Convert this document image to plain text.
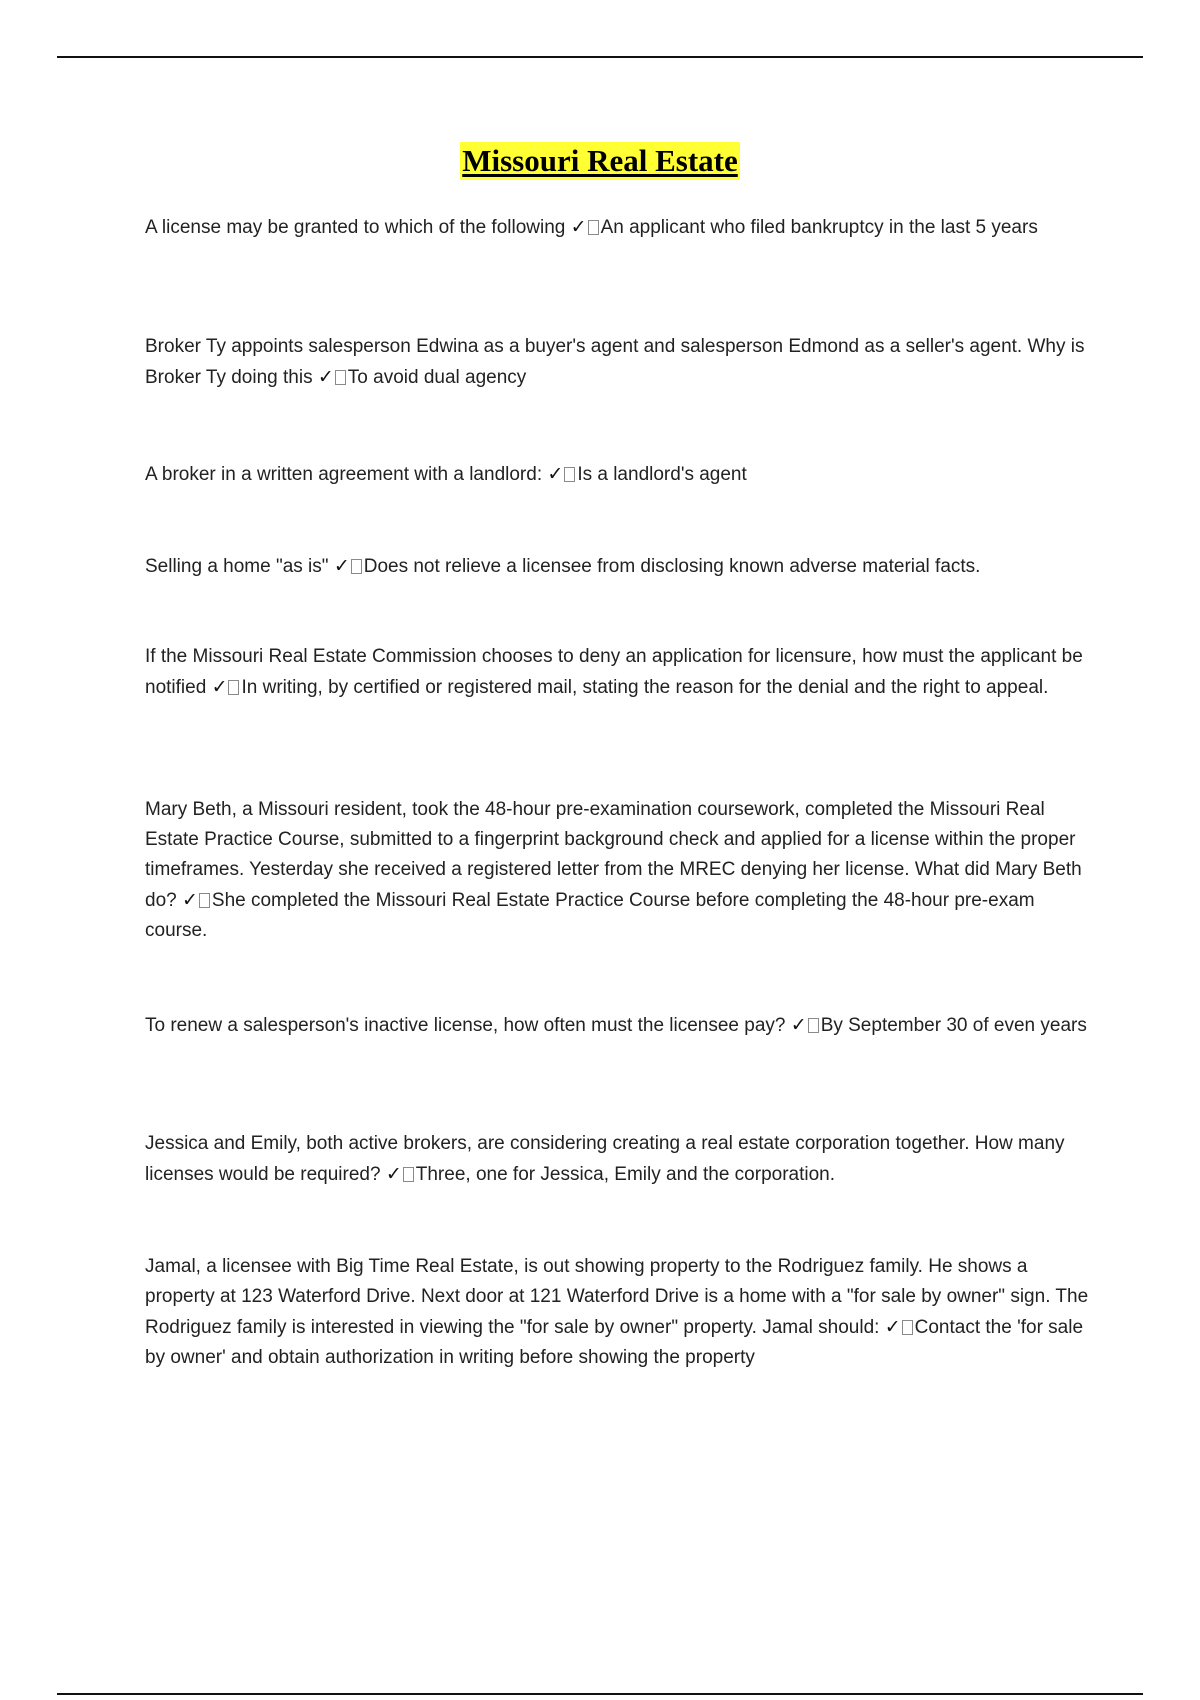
Missouri Real Estate

A license may be granted to which of the following ✓ An applicant who filed bankruptcy in the last 5 years

Broker Ty appoints salesperson Edwina as a buyer's agent and salesperson Edmond as a seller's agent. Why is Broker Ty doing this ✓ To avoid dual agency

A broker in a written agreement with a landlord: ✓ Is a landlord's agent

Selling a home "as is" ✓ Does not relieve a licensee from disclosing known adverse material facts.

If the Missouri Real Estate Commission chooses to deny an application for licensure, how must the applicant be notified ✓ In writing, by certified or registered mail, stating the reason for the denial and the right to appeal.

Mary Beth, a Missouri resident, took the 48-hour pre-examination coursework, completed the Missouri Real Estate Practice Course, submitted to a fingerprint background check and applied for a license within the proper timeframes. Yesterday she received a registered letter from the MREC denying her license. What did Mary Beth do? ✓ She completed the Missouri Real Estate Practice Course before completing the 48-hour pre-exam course.

To renew a salesperson's inactive license, how often must the licensee pay? ✓ By September 30 of even years

Jessica and Emily, both active brokers, are considering creating a real estate corporation together. How many licenses would be required? ✓ Three, one for Jessica, Emily and the corporation.

Jamal, a licensee with Big Time Real Estate, is out showing property to the Rodriguez family. He shows a property at 123 Waterford Drive. Next door at 121 Waterford Drive is a home with a "for sale by owner" sign. The Rodriguez family is interested in viewing the "for sale by owner" property. Jamal should: ✓ Contact the 'for sale by owner' and obtain authorization in writing before showing the property
